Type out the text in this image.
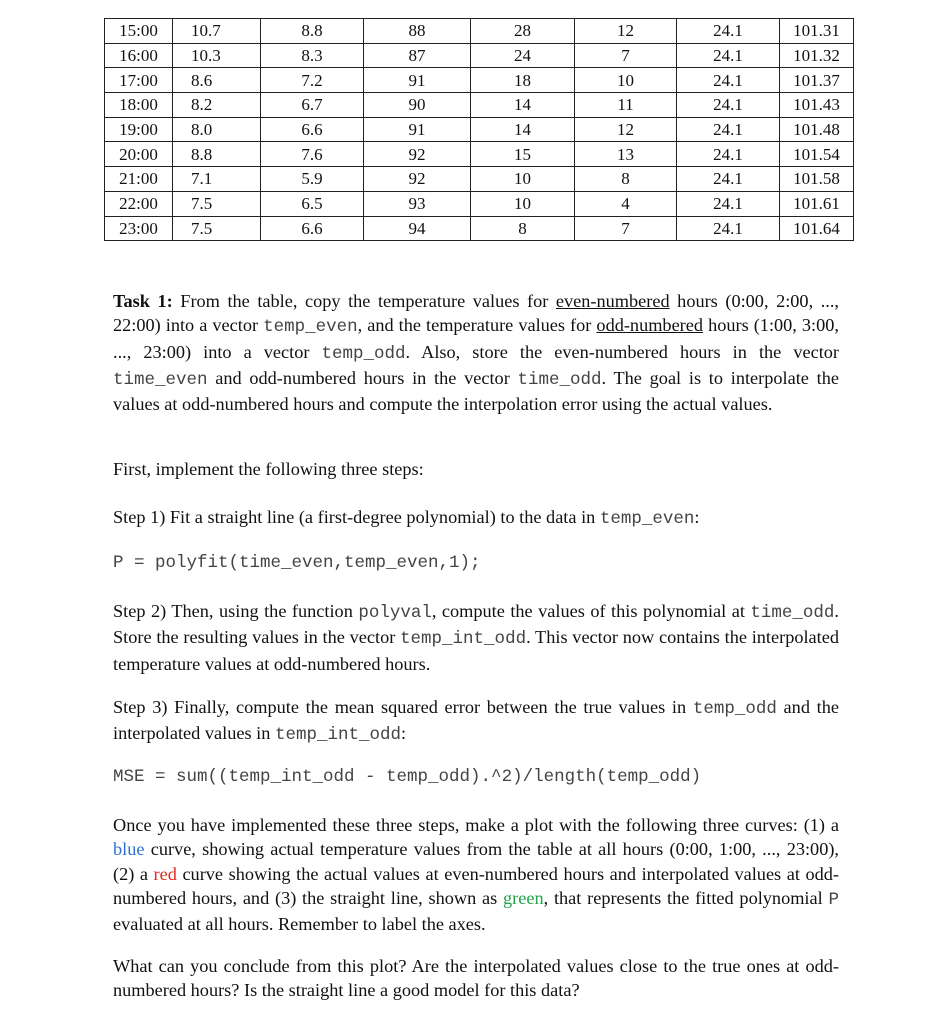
15:00	10.7	8.8	88	28	12	24.1	101.31
16:00	10.3	8.3	87	24	7	24.1	101.32
17:00	8.6	7.2	91	18	10	24.1	101.37
18:00	8.2	6.7	90	14	11	24.1	101.43
19:00	8.0	6.6	91	14	12	24.1	101.48
20:00	8.8	7.6	92	15	13	24.1	101.54
21:00	7.1	5.9	92	10	8	24.1	101.58
22:00	7.5	6.5	93	10	4	24.1	101.61
23:00	7.5	6.6	94	8	7	24.1	101.64

Task 1: From the table, copy the temperature values for even-numbered hours (0:00, 2:00, ..., 22:00) into a vector temp_even, and the temperature values for odd-numbered hours (1:00, 3:00, ..., 23:00) into a vector temp_odd. Also, store the even-numbered hours in the vector time_even and odd-numbered hours in the vector time_odd. The goal is to interpolate the values at odd-numbered hours and compute the interpolation error using the actual values.

First, implement the following three steps:

Step 1) Fit a straight line (a first-degree polynomial) to the data in temp_even:

P = polyfit(time_even,temp_even,1);

Step 2) Then, using the function polyval, compute the values of this polynomial at time_odd. Store the resulting values in the vector temp_int_odd. This vector now contains the interpolated temperature values at odd-numbered hours.

Step 3) Finally, compute the mean squared error between the true values in temp_odd and the interpolated values in temp_int_odd:

MSE = sum((temp_int_odd - temp_odd).^2)/length(temp_odd)

Once you have implemented these three steps, make a plot with the following three curves: (1) a blue curve, showing actual temperature values from the table at all hours (0:00, 1:00, ..., 23:00), (2) a red curve showing the actual values at even-numbered hours and interpolated values at odd-numbered hours, and (3) the straight line, shown as green, that represents the fitted polynomial P evaluated at all hours. Remember to label the axes.

What can you conclude from this plot? Are the interpolated values close to the true ones at odd-numbered hours? Is the straight line a good model for this data?
